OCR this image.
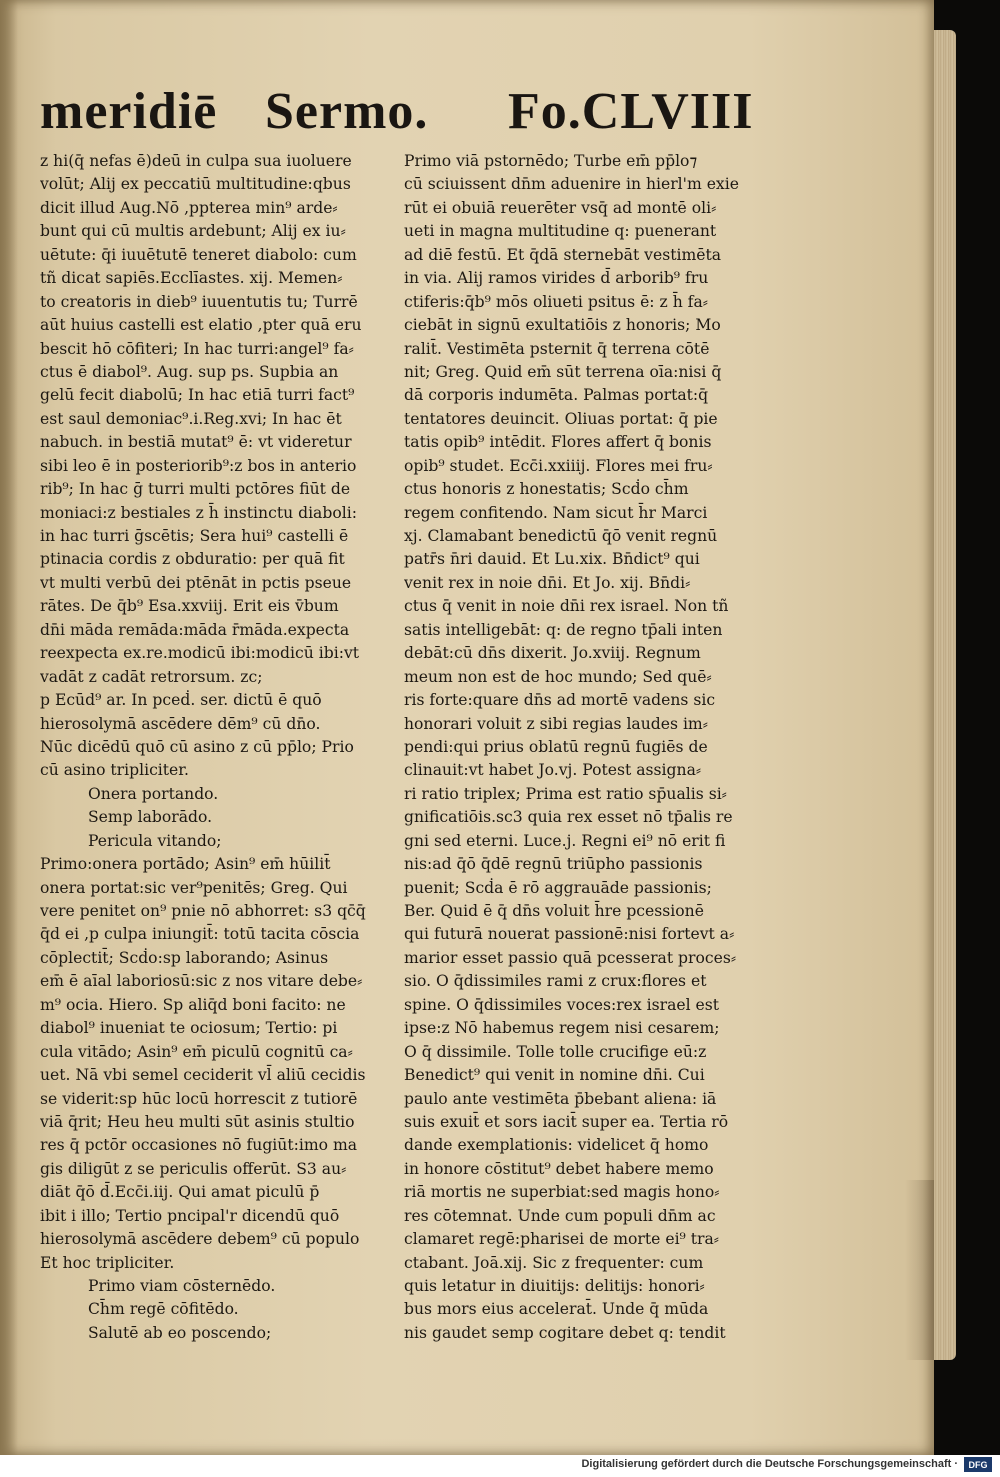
meridiē Sermo. Fo.CLVIII
z hi(q̄ nefas ē)deū in culpa sua iuoluere
volūt; Alij ex peccatiū multitudine:qbus
dicit illud Aug.Nō ,ppterea min⁹ arde⸗
bunt qui cū multis ardebunt; Alij ex iu⸗
uētute: q̄i iuuētutē teneret diabolo: cum
tñ dicat sapiēs.Ecclīastes. xij. Memen⸗
to creatoris in dieb⁹ iuuentutis tu; Turrē
aūt huius castelli est elatio ,pter quā eru
bescit hō cōfiteri; In hac turri:angel⁹ fa⸗
ctus ē diabol⁹. Aug. sup ps. Supbia an
gelū fecit diabolū; In hac etiā turri fact⁹
est saul demoniac⁹.i.Reg.xvi; In hac ēt
nabuch. in bestiā mutat⁹ ē: vt videretur
sibi leo ē in posteriorib⁹:z bos in anterio
rib⁹; In hac ḡ turri multi pctōres fiūt de
moniaci:z bestiales z h̄ instinctu diaboli:
in hac turri ḡscētis; Sera hui⁹ castelli ē
ptinacia cordis z obduratio: per quā fit
vt multi verbū dei ptēnāt in pctis pseue
rātes. De q̄b⁹ Esa.xxviij. Erit eis v̄bum
dn̄i māda remāda:māda r̄māda.expecta
reexpecta ex.re.modicū ibi:modicū ibi:vt
vadāt z cadāt retrorsum. zc;
p Ecūd⁹ ar. In pceḋ. ser. dictū ē quō
hierosolymā ascēdere dēm⁹ cū dn̄o.
Nūc dicēdū quō cū asino z cū pp̄lo; Prio
cū asino tripliciter.
Onera portando.
Semp laborādo.
Pericula vitando;
Primo:onera portādo; Asin⁹ em̄ hūilit̄
onera portat:sic ver⁹penitēs; Greg. Qui
vere penitet on⁹ pnie nō abhorret: s3 qc̄q̄
q̄d ei ,p culpa iniungit̄: totū tacita cōscia
cōplectit̄; Scḋo:sp laborando; Asinus
em̄ ē aīal laboriosū:sic z nos vitare debe⸗
m⁹ ocia. Hiero. Sp aliq̄d boni facito: ne
diabol⁹ inueniat te ociosum; Tertio: pi
cula vitādo; Asin⁹ em̄ piculū cognitū ca⸗
uet. Nā vbi semel ceciderit vl̄ aliū cecidis
se viderit:sp hūc locū horrescit z tutiorē
viā q̄rit; Heu heu multi sūt asinis stultio
res q̄ pctōr occasiones nō fugiūt:imo ma
gis diligūt z se periculis offerūt. S3 au⸗
diāt q̄ō d̄.Ecc̄i.iij. Qui amat piculū p̄
ibit i illo; Tertio pncipal'r dicendū quō
hierosolymā ascēdere debem⁹ cū populo
Et hoc tripliciter.
Primo viam cōsternēdo.
Ch̄m regē cōfitēdo.
Salutē ab eo poscendo;
Primo viā pstornēdo; Turbe em̄ pp̄lo⁊
cū sciuissent dn̄m aduenire in hierl'm exie
rūt ei obuiā reuerēter vsq̄ ad montē oli⸗
ueti in magna multitudine q: puenerant
ad diē festū. Et q̄dā sternebāt vestimēta
in via. Alij ramos virides d̄ arborib⁹ fru
ctiferis:q̄b⁹ mōs oliueti psitus ē: z h̄ fa⸗
ciebāt in signū exultatiōis z honoris; Mo
ralit̄. Vestimēta psternit q̄ terrena cōtē
nit; Greg. Quid em̄ sūt terrena oīa:nisi q̄
dā corporis indumēta. Palmas portat:q̄
tentatores deuincit. Oliuas portat: q̄ pie
tatis opib⁹ intēdit. Flores affert q̄ bonis
opib⁹ studet. Ecc̄i.xxiiij. Flores mei fru⸗
ctus honoris z honestatis; Scḋo ch̄m
regem confitendo. Nam sicut h̄r Marci
xj. Clamabant benedictū q̄ō venit regnū
patr̄s n̄ri dauid. Et Lu.xix. Bn̄dict⁹ qui
venit rex in noie dn̄i. Et Jo. xij. Bn̄di⸗
ctus q̄ venit in noie dn̄i rex israel. Non tñ
satis intelligebāt: q: de regno tp̄ali inten
debāt:cū dn̄s dixerit. Jo.xviij. Regnum
meum non est de hoc mundo; Sed quē⸗
ris forte:quare dn̄s ad mortē vadens sic
honorari voluit z sibi regias laudes im⸗
pendi:qui prius oblatū regnū fugiēs de
clinauit:vt habet Jo.vj. Potest assigna⸗
ri ratio triplex; Prima est ratio sp̄ualis si⸗
gnificatiōis.sc3 quia rex esset nō tp̄alis re
gni sed eterni. Luce.j. Regni ei⁹ nō erit fi
nis:ad q̄ō q̄dē regnū triūpho passionis
puenit; Scḋa ē rō aggrauāde passionis;
Ber. Quid ē q̄ dn̄s voluit h̄re pcessionē
qui futurā nouerat passionē:nisi fortevt a⸗
marior esset passio quā pcesserat proces⸗
sio. O q̄dissimiles rami z crux:flores et
spine. O q̄dissimiles voces:rex israel est
ipse:z Nō habemus regem nisi cesarem;
O q̄ dissimile. Tolle tolle crucifige eū:z
Benedict⁹ qui venit in nomine dn̄i. Cui
paulo ante vestimēta p̄bebant aliena: iā
suis exuit̄ et sors iacit̄ super ea. Tertia rō
dande exemplationis: videlicet q̄ homo
in honore cōstitut⁹ debet habere memo
riā mortis ne superbiat:sed magis hono⸗
res cōtemnat. Unde cum populi dn̄m ac
clamaret regē:pharisei de morte ei⁹ tra⸗
ctabant. Joā.xij. Sic z frequenter: cum
quis letatur in diuitijs: delitijs: honori⸗
bus mors eius accelerat̄. Unde q̄ mūda
nis gaudet semp cogitare debet q: tendit
Digitalisierung gefördert durch die Deutsche Forschungsgemeinschaft ·	DFG
